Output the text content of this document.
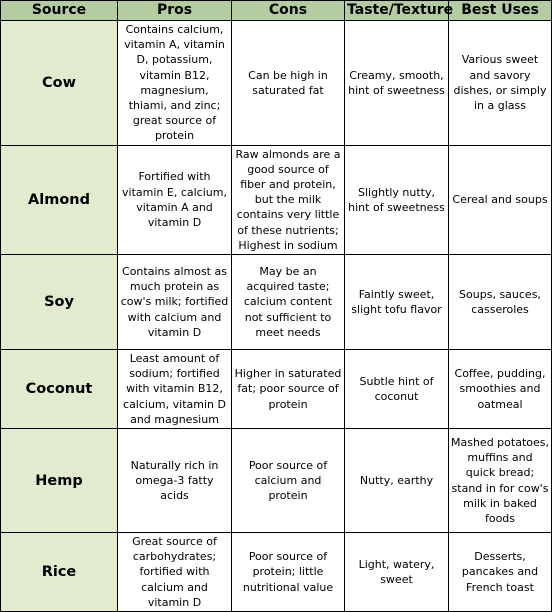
Source	Pros	Cons	Taste/Texture	Best Uses
Cow	Contains calcium, vitamin A, vitamin D, potassium, vitamin B12, magnesium, thiami, and zinc; great source of protein	Can be high in saturated fat	Creamy, smooth, hint of sweetness	Various sweet and savory dishes, or simply in a glass
Almond	Fortified with vitamin E, calcium, vitamin A and vitamin D	Raw almonds are a good source of fiber and protein, but the milk contains very little of these nutrients; Highest in sodium	Slightly nutty, hint of sweetness	Cereal and soups
Soy	Contains almost as much protein as cow's milk; fortified with calcium and vitamin D	May be an acquired taste; calcium content not sufficient to meet needs	Faintly sweet, slight tofu flavor	Soups, sauces, casseroles
Coconut	Least amount of sodium; fortified with vitamin B12, calcium, vitamin D and magnesium	Higher in saturated fat; poor source of protein	Subtle hint of coconut	Coffee, pudding, smoothies and oatmeal
Hemp	Naturally rich in omega-3 fatty acids	Poor source of calcium and protein	Nutty, earthy	Mashed potatoes, muffins and quick bread; stand in for cow's milk in baked foods
Rice	Great source of carbohydrates; fortified with calcium and vitamin D	Poor source of protein; little nutritional value	Light, watery, sweet	Desserts, pancakes and French toast
